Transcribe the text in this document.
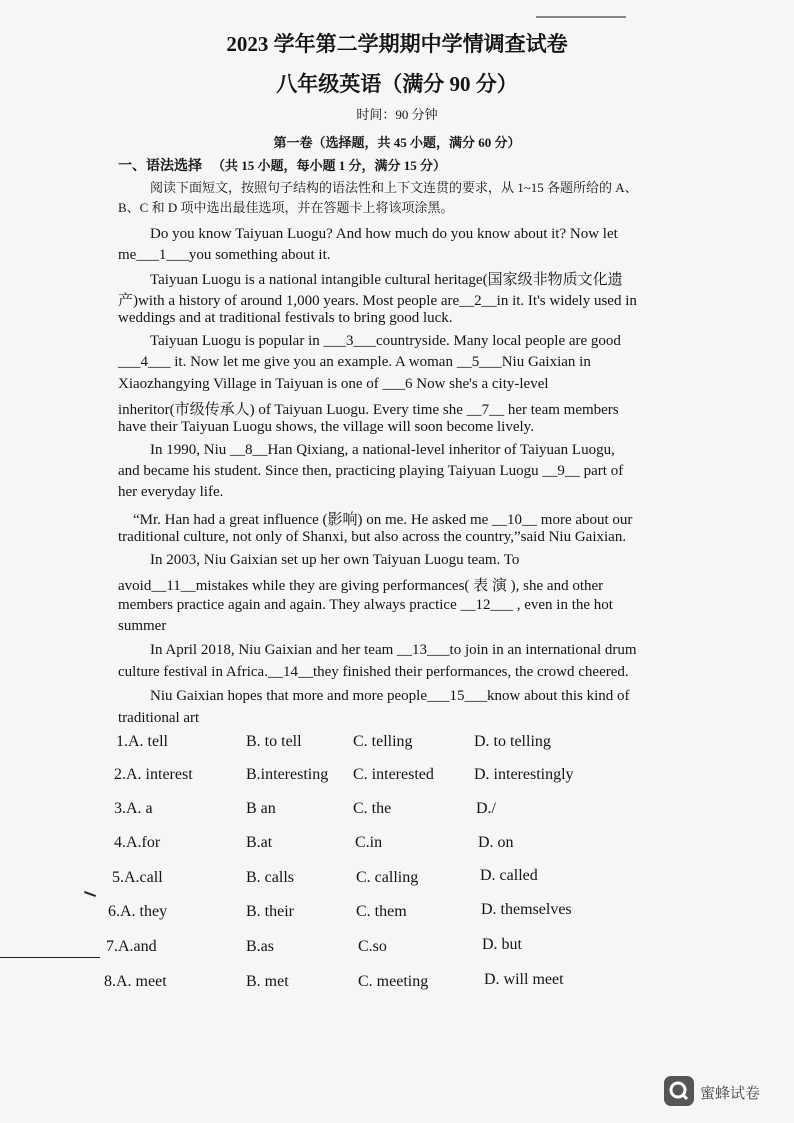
2023 学年第二学期期中学情调查试卷
八年级英语（满分 90 分）
时间：90 分钟
第一卷（选择题，共 45 小题，满分 60 分）
一、语法选择 （共 15 小题，每小题 1 分，满分 15 分）
阅读下面短文，按照句子结构的语法性和上下文连贯的要求，从 1~15 各题所给的 A、
B、C 和 D 项中选出最佳选项，并在答题卡上将该项涂黑。
Do you know Taiyuan Luogu? And how much do you know about it? Now let
me___1___you something about it.
Taiyuan Luogu is a national intangible cultural heritage(国家级非物质文化遗
产)with a history of around 1,000 years. Most people are__2__in it. It's widely used in
weddings and at traditional festivals to bring good luck.
Taiyuan Luogu is popular in ___3___countryside. Many local people are good
___4___ it. Now let me give you an example. A woman __5___Niu Gaixian in
Xiaozhangying Village in Taiyuan is one of ___6 Now she's a city-level
inheritor(市级传承人) of Taiyuan Luogu. Every time she __7__ her team members
have their Taiyuan Luogu shows, the village will soon become lively.
In 1990, Niu __8__Han Qixiang, a national-level inheritor of Taiyuan Luogu,
and became his student. Since then, practicing playing Taiyuan Luogu __9__ part of
her everyday life.
“Mr. Han had a great influence (影响) on me. He asked me __10__ more about our
traditional culture, not only of Shanxi, but also across the country,”said Niu Gaixian.
In 2003, Niu Gaixian set up her own Taiyuan Luogu team. To
avoid__11__mistakes while they are giving performances( 表 演 ), she and other
members practice again and again. They always practice __12___ , even in the hot
summer
In April 2018, Niu Gaixian and her team __13___to join in an international drum
culture festival in Africa.__14__they finished their performances, the crowd cheered.
Niu Gaixian hopes that more and more people___15___know about this kind of
traditional art
1.A. tell	B. to tell	C. telling	D. to telling
2.A. interest	B.interesting C. interested	D. interestingly
3.A. a	B an	C. the	D./
4.A.for	B.at	C.in	D. on
5.A.call	B. calls	C. calling	D. called
6.A. they	B. their	C. them	D. themselves
7.A.and	B.as	C.so	D. but
8.A. meet	B. met	C. meeting	D. will meet
蜜蜂试卷
